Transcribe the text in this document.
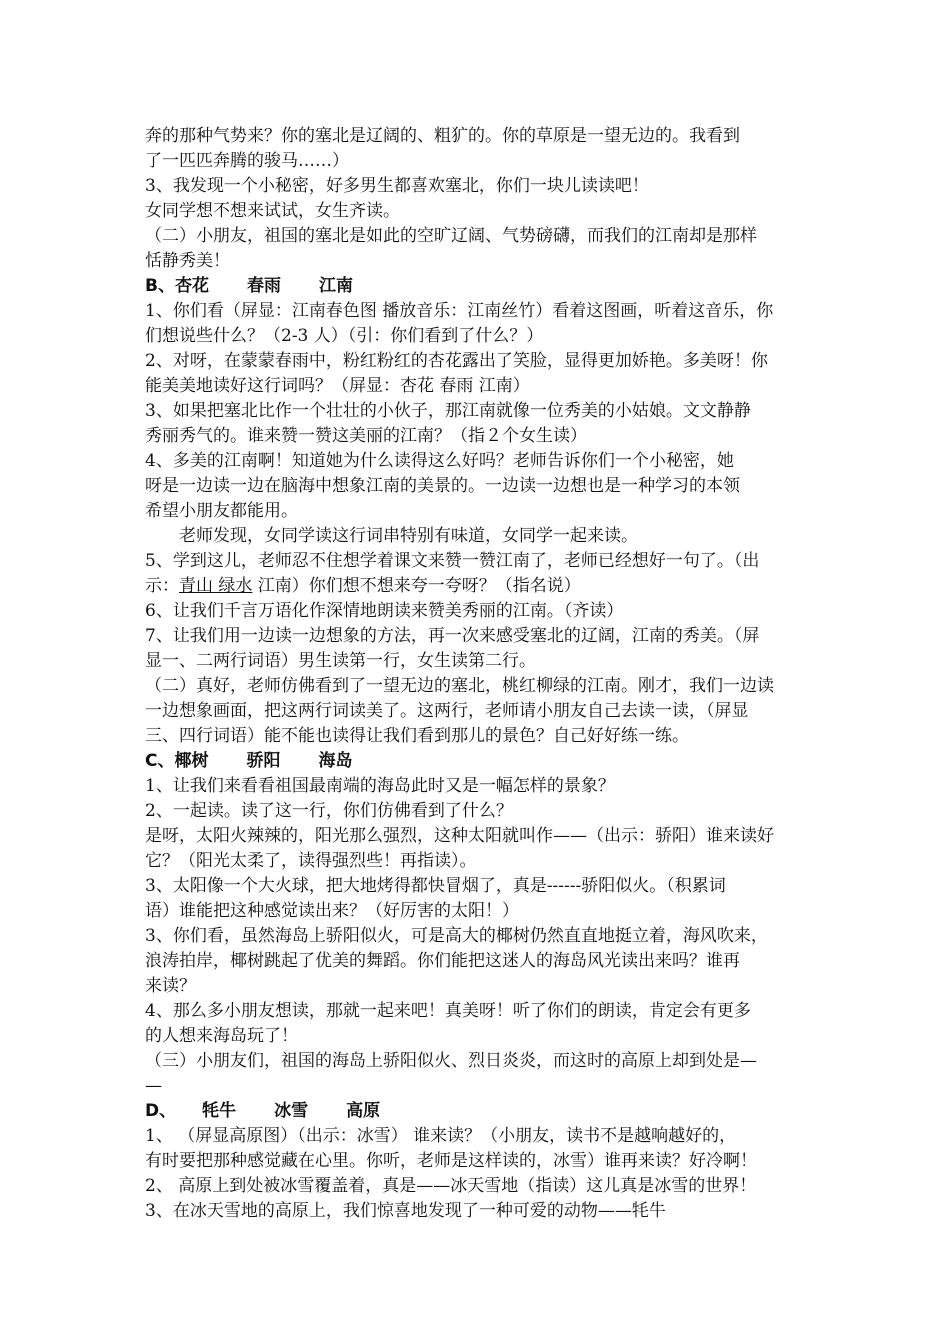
奔的那种气势来？你的塞北是辽阔的、粗犷的。你的草原是一望无边的。我看到
了一匹匹奔腾的骏马……）
3、我发现一个小秘密，好多男生都喜欢塞北，你们一块儿读读吧！
女同学想不想来试试，女生齐读。
（二）小朋友，祖国的塞北是如此的空旷辽阔、气势磅礴，而我们的江南却是那样
恬静秀美！
B、杏花 春雨 江南
1、你们看（屏显：江南春色图 播放音乐：江南丝竹）看着这图画，听着这音乐，你
们想说些什么？（2-3 人）（引：你们看到了什么？）
2、对呀，在蒙蒙春雨中，粉红粉红的杏花露出了笑脸，显得更加娇艳。多美呀！你
能美美地读好这行词吗？（屏显：杏花 春雨 江南）
3、如果把塞北比作一个壮壮的小伙子，那江南就像一位秀美的小姑娘。文文静静
秀丽秀气的。谁来赞一赞这美丽的江南？（指２个女生读）
4、多美的江南啊！知道她为什么读得这么好吗？老师告诉你们一个小秘密，她
呀是一边读一边在脑海中想象江南的美景的。一边读一边想也是一种学习的本领
希望小朋友都能用。
老师发现，女同学读这行词串特别有味道，女同学一起来读。
5、学到这儿，老师忍不住想学着课文来赞一赞江南了，老师已经想好一句了。（出
示：青山 绿水 江南）你们想不想来夸一夸呀？（指名说）
6、让我们千言万语化作深情地朗读来赞美秀丽的江南。（齐读）
7、让我们用一边读一边想象的方法，再一次来感受塞北的辽阔，江南的秀美。（屏
显一、二两行词语）男生读第一行，女生读第二行。
（二）真好，老师仿佛看到了一望无边的塞北，桃红柳绿的江南。刚才，我们一边读
一边想象画面，把这两行词读美了。这两行，老师请小朋友自己去读一读，（屏显
三、四行词语）能不能也读得让我们看到那儿的景色？自己好好练一练。
C、椰树 骄阳 海岛
1、让我们来看看祖国最南端的海岛此时又是一幅怎样的景象？
2、一起读。读了这一行，你们仿佛看到了什么？
是呀，太阳火辣辣的，阳光那么强烈，这种太阳就叫作——（出示：骄阳）谁来读好
它？（阳光太柔了，读得强烈些！再指读）。
3、太阳像一个大火球，把大地烤得都快冒烟了，真是------骄阳似火。（积累词
语）谁能把这种感觉读出来？（好厉害的太阳！）
3、你们看，虽然海岛上骄阳似火，可是高大的椰树仍然直直地挺立着，海风吹来，
浪涛拍岸，椰树跳起了优美的舞蹈。你们能把这迷人的海岛风光读出来吗？谁再
来读？
4、那么多小朋友想读，那就一起来吧！真美呀！听了你们的朗读，肯定会有更多
的人想来海岛玩了！
（三）小朋友们，祖国的海岛上骄阳似火、烈日炎炎，而这时的高原上却到处是—
—
D、 牦牛 冰雪 高原
1、 （屏显高原图）（出示：冰雪） 谁来读？（小朋友，读书不是越响越好的，
有时要把那种感觉藏在心里。你听，老师是这样读的，冰雪）谁再来读？好冷啊！
2、 高原上到处被冰雪覆盖着，真是——冰天雪地（指读）这儿真是冰雪的世界！
3、在冰天雪地的高原上，我们惊喜地发现了一种可爱的动物——牦牛
